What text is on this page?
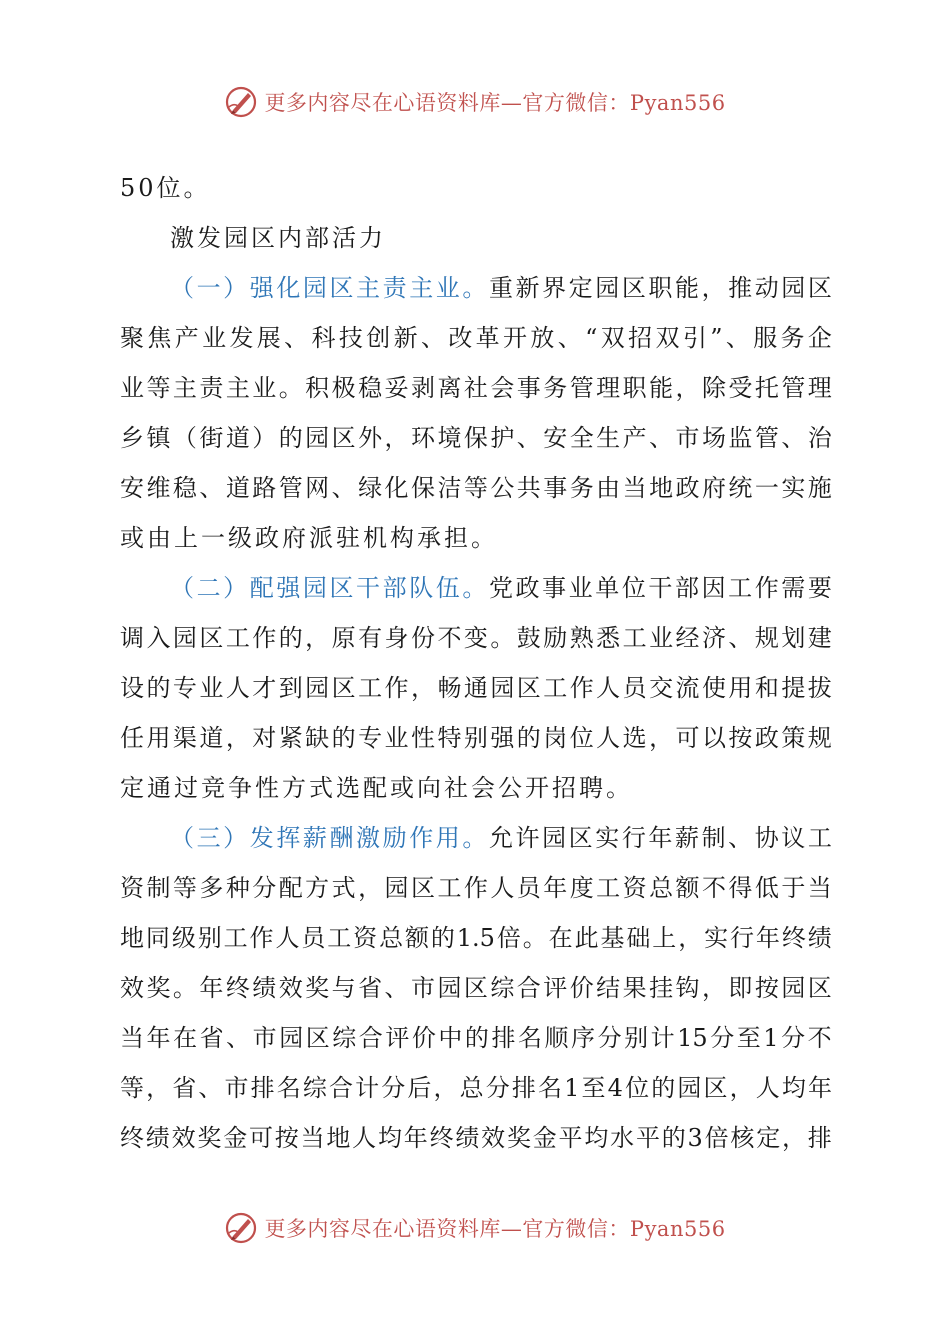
更多内容尽在心语资料库—官方微信：Pyan556
50位。
激发园区内部活力
（ 一 ） 强 化 园 区 主 责 主 业 。 重 新 界 定 园 区 职 能 ， 推 动 园 区
聚 焦 产 业 发 展 、 科 技 创 新 、 改 革 开 放 、 “ 双 招 双 引 ” 、 服 务 企
业 等 主 责 主 业 。 积 极 稳 妥 剥 离 社 会 事 务 管 理 职 能 ， 除 受 托 管 理
乡 镇 （ 街 道 ） 的 园 区 外 ， 环 境 保 护 、 安 全 生 产 、 市 场 监 管 、 治
安 维 稳 、 道 路 管 网 、 绿 化 保 洁 等 公 共 事 务 由 当 地 政 府 统 一 实 施
或由上一级政府派驻机构承担。
（ 二 ） 配 强 园 区 干 部 队 伍 。 党 政 事 业 单 位 干 部 因 工 作 需 要
调 入 园 区 工 作 的 ， 原 有 身 份 不 变 。 鼓 励 熟 悉 工 业 经 济 、 规 划 建
设 的 专 业 人 才 到 园 区 工 作 ， 畅 通 园 区 工 作 人 员 交 流 使 用 和 提 拔
任 用 渠 道 ， 对 紧 缺 的 专 业 性 特 别 强 的 岗 位 人 选 ， 可 以 按 政 策 规
定通过竞争性方式选配或向社会公开招聘。
（ 三 ） 发 挥 薪 酬 激 励 作 用 。 允 许 园 区 实 行 年 薪 制 、 协 议 工
资 制 等 多 种 分 配 方 式 ， 园 区 工 作 人 员 年 度 工 资 总 额 不 得 低 于 当
地 同 级 别 工 作 人 员 工 资 总 额 的 1.5 倍 。 在 此 基 础 上 ， 实 行 年 终 绩
效 奖 。 年 终 绩 效 奖 与 省 、 市 园 区 综 合 评 价 结 果 挂 钩 ， 即 按 园 区
当 年 在 省 、 市 园 区 综 合 评 价 中 的 排 名 顺 序 分 别 计 15 分 至 1 分 不
等 ， 省 、 市 排 名 综 合 计 分 后 ， 总 分 排 名 1 至 4 位 的 园 区 ， 人 均 年
终 绩 效 奖 金 可 按 当 地 人 均 年 终 绩 效 奖 金 平 均 水 平 的 3 倍 核 定 ， 排
更多内容尽在心语资料库—官方微信：Pyan556
